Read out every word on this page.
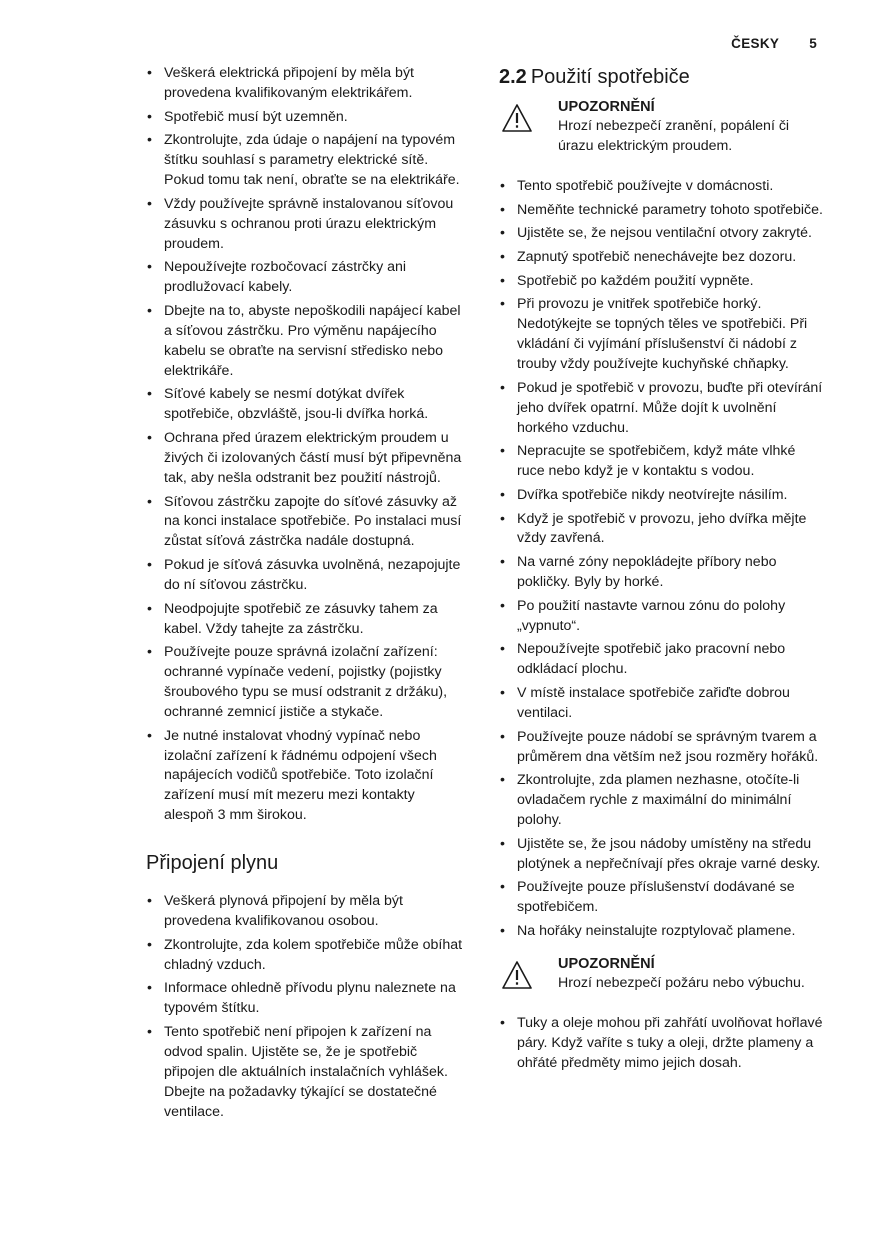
ČESKY 5
• Veškerá elektrická připojení by měla být provedena kvalifikovaným elektrikářem.
• Spotřebič musí být uzemněn.
• Zkontrolujte, zda údaje o napájení na typovém štítku souhlasí s parametry elektrické sítě. Pokud tomu tak není, obraťte se na elektrikáře.
• Vždy používejte správně instalovanou síťovou zásuvku s ochranou proti úrazu elektrickým proudem.
• Nepoužívejte rozbočovací zástrčky ani prodlužovací kabely.
• Dbejte na to, abyste nepoškodili napájecí kabel a síťovou zástrčku. Pro výměnu napájecího kabelu se obraťte na servisní středisko nebo elektrikáře.
• Síťové kabely se nesmí dotýkat dvířek spotřebiče, obzvláště, jsou-li dvířka horká.
• Ochrana před úrazem elektrickým proudem u živých či izolovaných částí musí být připevněna tak, aby nešla odstranit bez použití nástrojů.
• Síťovou zástrčku zapojte do síťové zásuvky až na konci instalace spotřebiče. Po instalaci musí zůstat síťová zástrčka nadále dostupná.
• Pokud je síťová zásuvka uvolněná, nezapojujte do ní síťovou zástrčku.
• Neodpojujte spotřebič ze zásuvky tahem za kabel. Vždy tahejte za zástrčku.
• Používejte pouze správná izolační zařízení: ochranné vypínače vedení, pojistky (pojistky šroubového typu se musí odstranit z držáku), ochranné zemnicí jističe a stykače.
• Je nutné instalovat vhodný vypínač nebo izolační zařízení k řádnému odpojení všech napájecích vodičů spotřebiče. Toto izolační zařízení musí mít mezeru mezi kontakty alespoň 3 mm širokou.
Připojení plynu
• Veškerá plynová připojení by měla být provedena kvalifikovanou osobou.
• Zkontrolujte, zda kolem spotřebiče může obíhat chladný vzduch.
• Informace ohledně přívodu plynu naleznete na typovém štítku.
• Tento spotřebič není připojen k zařízení na odvod spalin. Ujistěte se, že je spotřebič připojen dle aktuálních instalačních vyhlášek. Dbejte na požadavky týkající se dostatečné ventilace.
2.2 Použití spotřebiče
UPOZORNĚNÍ
Hrozí nebezpečí zranění, popálení či úrazu elektrickým proudem.
• Tento spotřebič používejte v domácnosti.
• Neměňte technické parametry tohoto spotřebiče.
• Ujistěte se, že nejsou ventilační otvory zakryté.
• Zapnutý spotřebič nenechávejte bez dozoru.
• Spotřebič po každém použití vypněte.
• Při provozu je vnitřek spotřebiče horký. Nedotýkejte se topných těles ve spotřebiči. Při vkládání či vyjímání příslušenství či nádobí z trouby vždy používejte kuchyňské chňapky.
• Pokud je spotřebič v provozu, buďte při otevírání jeho dvířek opatrní. Může dojít k uvolnění horkého vzduchu.
• Nepracujte se spotřebičem, když máte vlhké ruce nebo když je v kontaktu s vodou.
• Dvířka spotřebiče nikdy neotvírejte násilím.
• Když je spotřebič v provozu, jeho dvířka mějte vždy zavřená.
• Na varné zóny nepokládejte příbory nebo pokličky. Byly by horké.
• Po použití nastavte varnou zónu do polohy „vypnuto“.
• Nepoužívejte spotřebič jako pracovní nebo odkládací plochu.
• V místě instalace spotřebiče zařiďte dobrou ventilaci.
• Používejte pouze nádobí se správným tvarem a průměrem dna větším než jsou rozměry hořáků.
• Zkontrolujte, zda plamen nezhasne, otočíte-li ovladačem rychle z maximální do minimální polohy.
• Ujistěte se, že jsou nádoby umístěny na středu plotýnek a nepřečnívají přes okraje varné desky.
• Používejte pouze příslušenství dodávané se spotřebičem.
• Na hořáky neinstalujte rozptylovač plamene.
UPOZORNĚNÍ
Hrozí nebezpečí požáru nebo výbuchu.
• Tuky a oleje mohou při zahřátí uvolňovat hořlavé páry. Když vaříte s tuky a oleji, držte plameny a ohřáté předměty mimo jejich dosah.
